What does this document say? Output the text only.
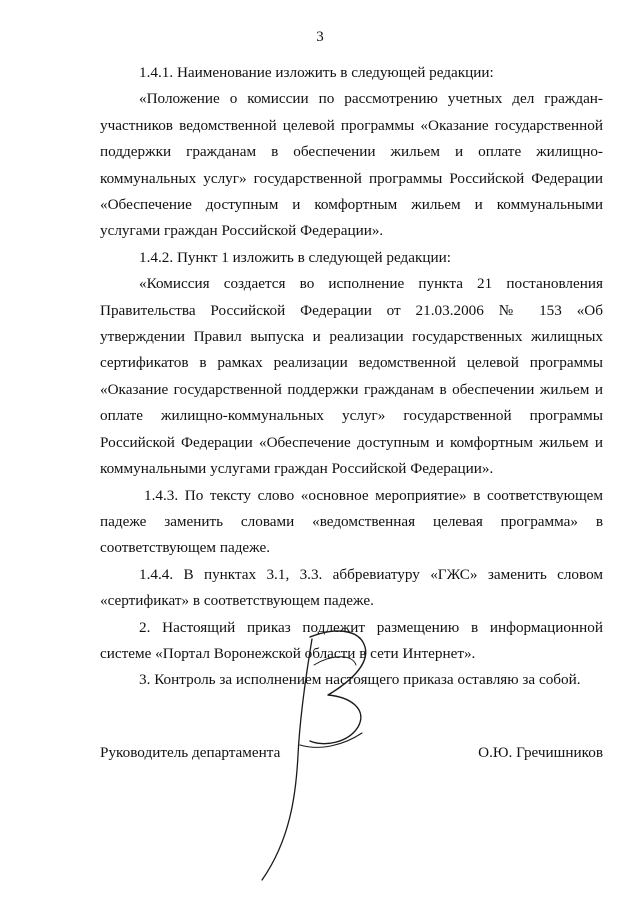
3

1.4.1. Наименование изложить в следующей редакции:

«Положение о комиссии по рассмотрению учетных дел граждан-участников ведомственной целевой программы «Оказание государственной поддержки гражданам в обеспечении жильем и оплате жилищно-коммунальных услуг» государственной программы Российской Федерации «Обеспечение доступным и комфортным жильем и коммунальными услугами граждан Российской Федерации».

1.4.2. Пункт 1 изложить в следующей редакции:

«Комиссия создается во исполнение пункта 21 постановления Правительства Российской Федерации от 21.03.2006 № 153 «Об утверждении Правил выпуска и реализации государственных жилищных сертификатов в рамках реализации ведомственной целевой программы «Оказание государственной поддержки гражданам в обеспечении жильем и оплате жилищно-коммунальных услуг» государственной программы Российской Федерации «Обеспечение доступным и комфортным жильем и коммунальными услугами граждан Российской Федерации».

1.4.3. По тексту слово «основное мероприятие» в соответствующем падеже заменить словами «ведомственная целевая программа» в соответствующем падеже.

1.4.4. В пунктах 3.1, 3.3. аббревиатуру «ГЖС» заменить словом «сертификат» в соответствующем падеже.

2. Настоящий приказ подлежит размещению в информационной системе «Портал Воронежской области в сети Интернет».

3. Контроль за исполнением настоящего приказа оставляю за собой.

Руководитель департамента	О.Ю. Гречишников
